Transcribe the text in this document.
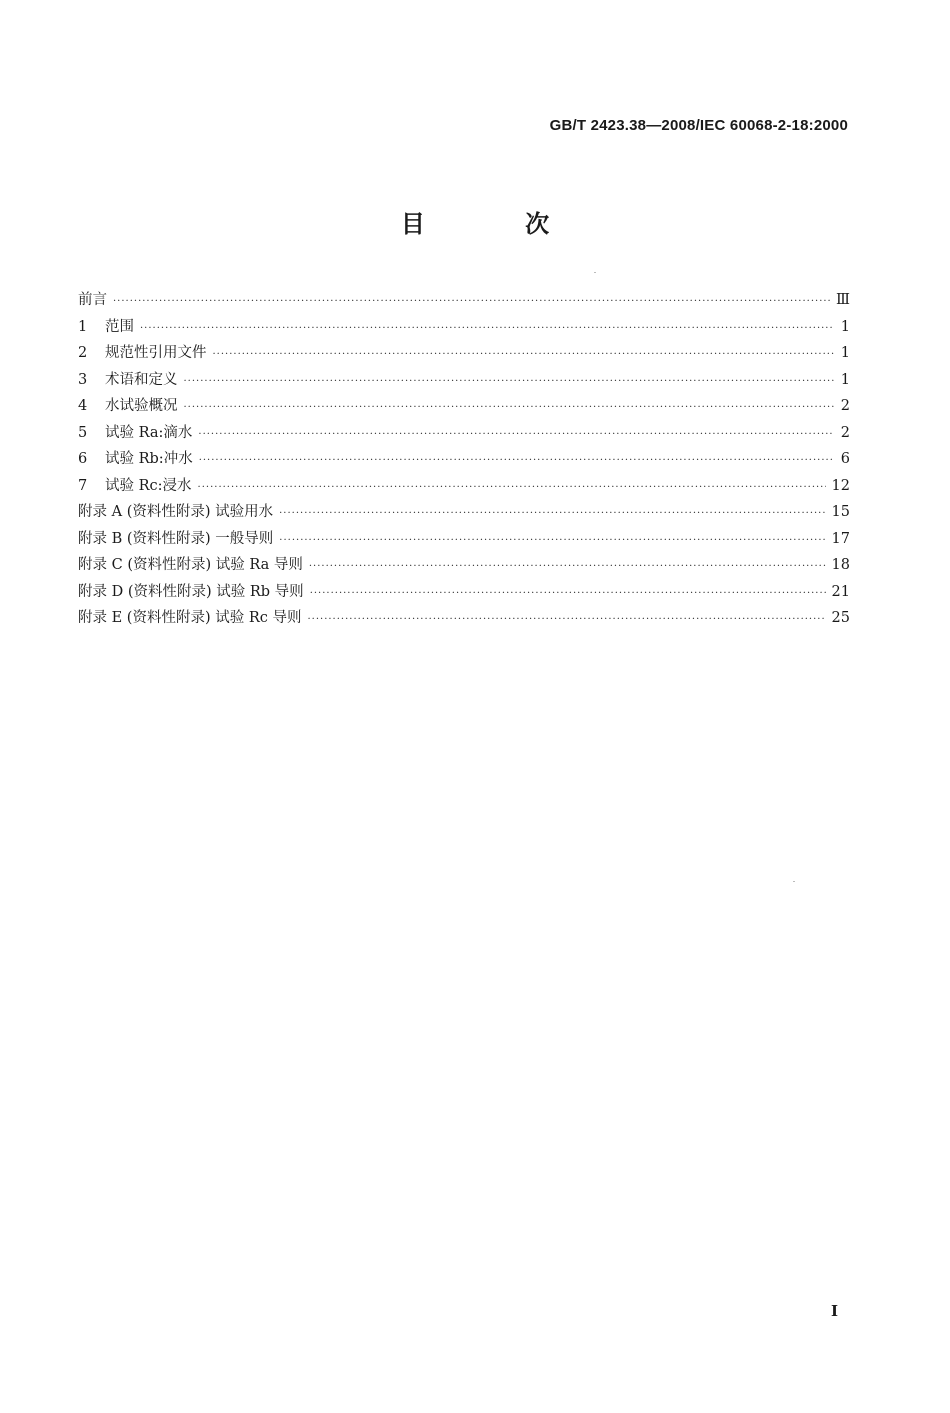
GB/T 2423.38—2008/IEC 60068-2-18:2000
目 次
前言 ·····	Ⅲ
1	范围 ·····	1
2	规范性引用文件 ·····	1
3	术语和定义 ·····	1
4	水试验概况 ·····	2
5	试验 Ra:滴水 ·····	2
6	试验 Rb:冲水 ·····	6
7	试验 Rc:浸水 ·····	12
附录 A (资料性附录) 试验用水 ·····	15
附录 B (资料性附录) 一般导则 ·····	17
附录 C (资料性附录) 试验 Ra 导则 ·····	18
附录 D (资料性附录) 试验 Rb 导则 ·····	21
附录 E (资料性附录) 试验 Rc 导则 ·····	25
I
